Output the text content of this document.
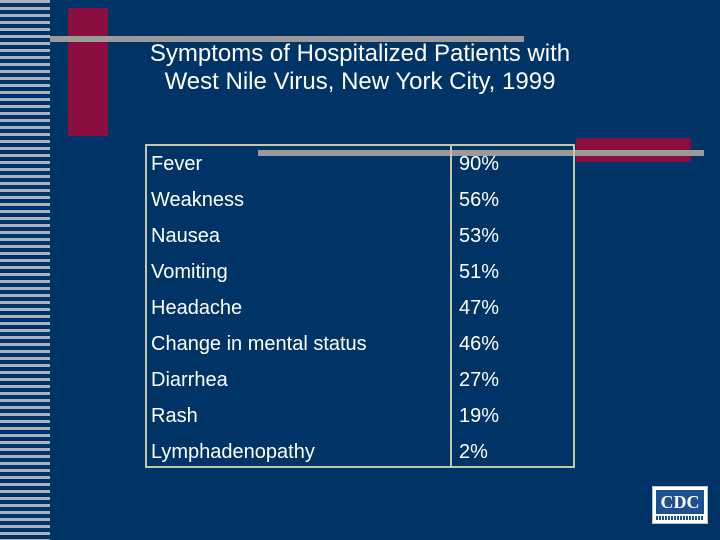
Symptoms of Hospitalized Patients with
West Nile Virus, New York City, 1999
Fever	90%
Weakness	56%
Nausea	53%
Vomiting	51%
Headache	47%
Change in mental status	46%
Diarrhea	27%
Rash	19%
Lymphadenopathy	2%
CDC
